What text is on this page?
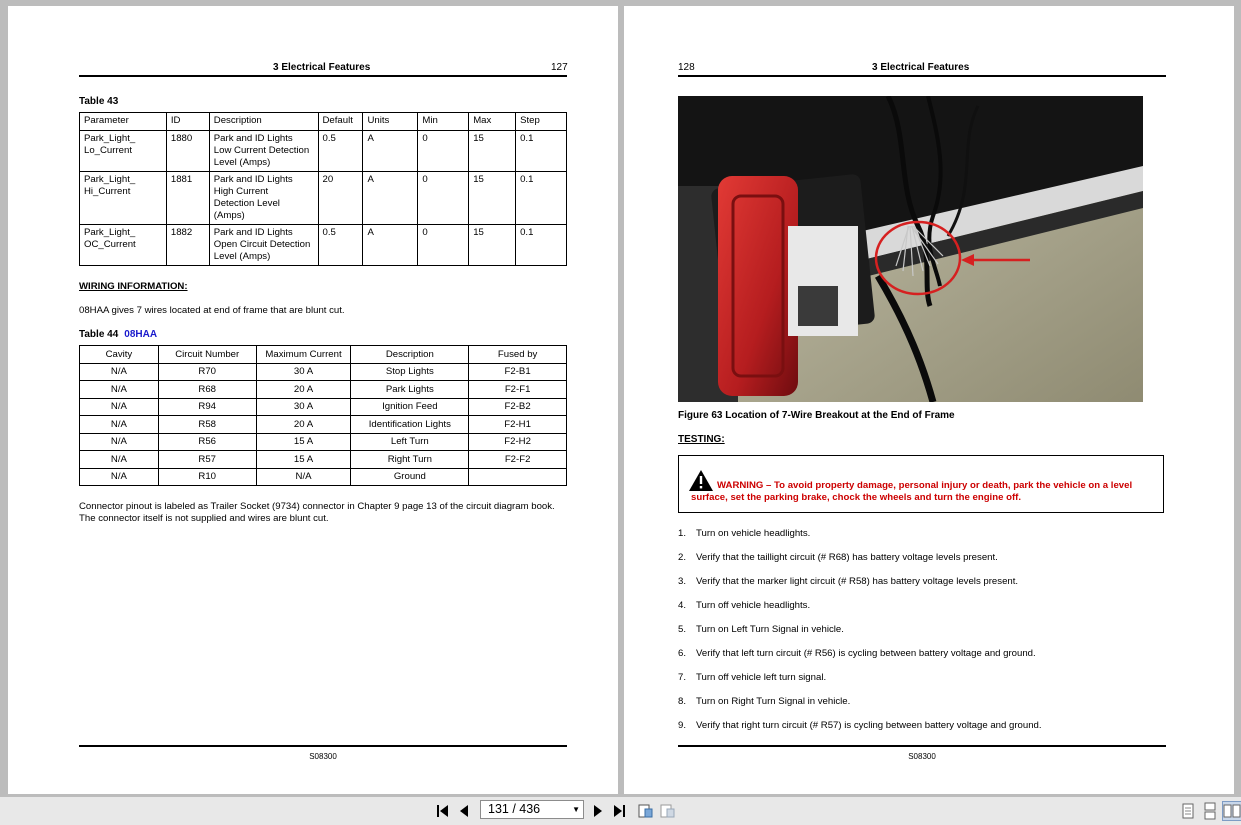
3 Electrical Features	127
Table 43
Parameter	ID	Description	Default	Units	Min	Max	Step
Park_Light_
Lo_Current	1880	Park and ID Lights
Low Current Detection
Level (Amps)	0.5	A	0	15	0.1
Park_Light_
Hi_Current	1881	Park and ID Lights
High Current
Detection Level
(Amps)	20	A	0	15	0.1
Park_Light_
OC_Current	1882	Park and ID Lights
Open Circuit Detection
Level (Amps)	0.5	A	0	15	0.1
WIRING INFORMATION:
08HAA gives 7 wires located at end of frame that are blunt cut.
Table 44 08HAA
Cavity	Circuit Number	Maximum Current	Description	Fused by
N/A	R70	30 A	Stop Lights	F2-B1
N/A	R68	20 A	Park Lights	F2-F1
N/A	R94	30 A	Ignition Feed	F2-B2
N/A	R58	20 A	Identification Lights	F2-H1
N/A	R56	15 A	Left Turn	F2-H2
N/A	R57	15 A	Right Turn	F2-F2
N/A	R10	N/A	Ground	
Connector pinout is labeled as Trailer Socket (9734) connector in Chapter 9 page 13 of the circuit diagram book. The connector itself is not supplied and wires are blunt cut.
S08300
128	3 Electrical Features
Figure 63 Location of 7-Wire Breakout at the End of Frame
TESTING:
WARNING – To avoid property damage, personal injury or death, park the vehicle on a level surface, set the parking brake, chock the wheels and turn the engine off.
1. Turn on vehicle headlights.
2. Verify that the taillight circuit (# R68) has battery voltage levels present.
3. Verify that the marker light circuit (# R58) has battery voltage levels present.
4. Turn off vehicle headlights.
5. Turn on Left Turn Signal in vehicle.
6. Verify that left turn circuit (# R56) is cycling between battery voltage and ground.
7. Turn off vehicle left turn signal.
8. Turn on Right Turn Signal in vehicle.
9. Verify that right turn circuit (# R57) is cycling between battery voltage and ground.
S08300
131 / 436	▼
